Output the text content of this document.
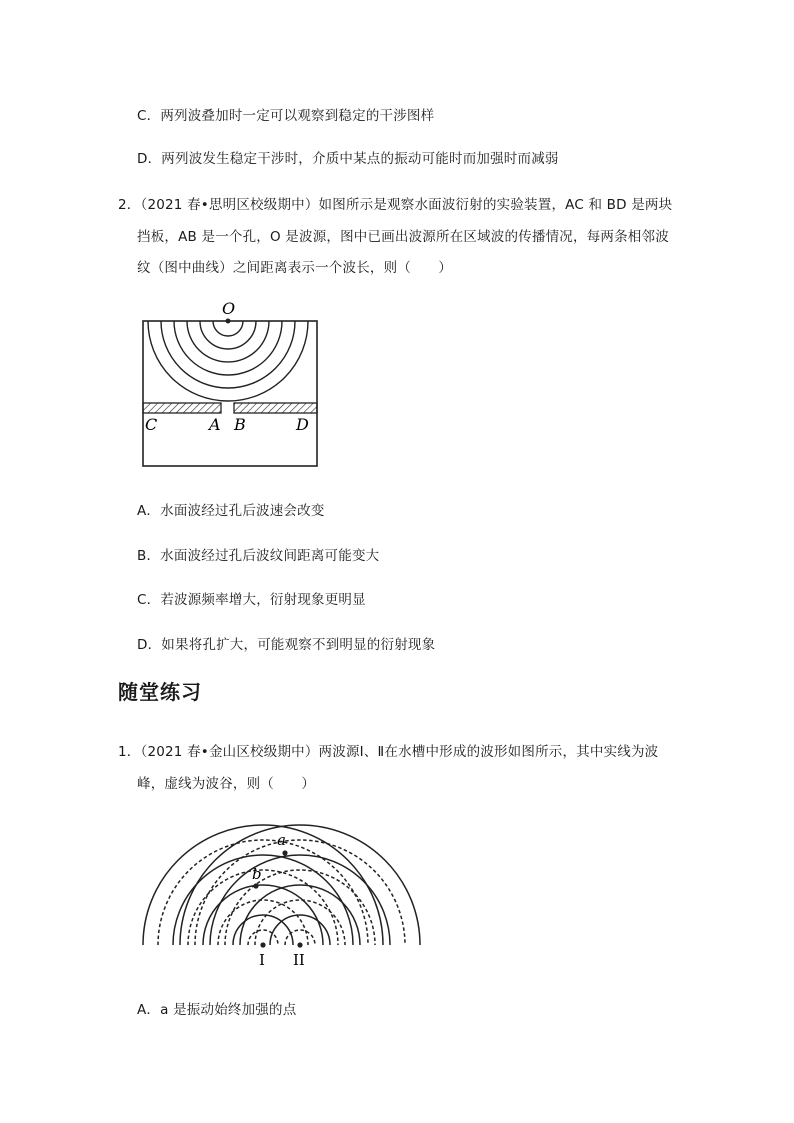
C．两列波叠加时一定可以观察到稳定的干涉图样
D．两列波发生稳定干涉时，介质中某点的振动可能时而加强时而减弱
2．（2021 春•思明区校级期中）如图所示是观察水面波衍射的实验装置，AC 和 BD 是两块
挡板，AB 是一个孔，O 是波源，图中已画出波源所在区域波的传播情况，每两条相邻波
纹（图中曲线）之间距离表示一个波长，则（　　）
O
C	A B	D
A．水面波经过孔后波速会改变
B．水面波经过孔后波纹间距离可能变大
C．若波源频率增大，衍射现象更明显
D．如果将孔扩大，可能观察不到明显的衍射现象
随堂练习
1．（2021 春•金山区校级期中）两波源Ⅰ、Ⅱ在水槽中形成的波形如图所示，其中实线为波
峰，虚线为波谷，则（　　）
a
b
I II
A．a 是振动始终加强的点
